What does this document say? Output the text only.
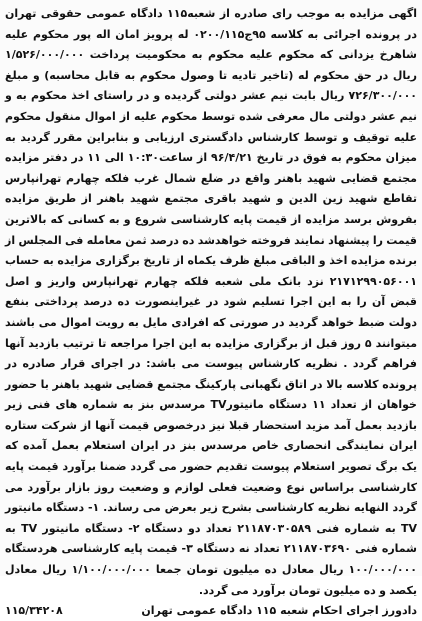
اگهی مزایده به موجب رای صادره از شعبه۱۱۵ دادگاه عمومی حقوقی تهران در پرونده اجرائی به کلاسه ۹۵ج۰۲۰۰/۱۱۵ له پرویز امان اله پور محکوم علیه شاهرخ یزدانی که محکوم علیه محکوم به محکومیت پرداخت ۱/۵۲۶/۰۰۰/۰۰۰ ریال در حق محکوم له (تاخیر تادیه تا وصول محکوم به قابل محاسبه) و مبلغ ۷۲۶/۳۰۰/۰۰۰ ریال بابت نیم عشر دولتی گردیده و در راستای اخذ محکوم به و نیم عشر دولتی مال معرفی شده توسط محکوم علیه از اموال منقول محکوم علیه توقیف و توسط کارشناس دادگستری ارزیابی و بنابراین مقرر گردید به میزان محکوم به فوق در تاریخ ۹۶/۴/۲۱ از ساعت۱۰:۳۰ الی ۱۱ در دفتر مزایده مجتمع قضایی شهید باهنر واقع در ضلع شمال غرب فلکه چهارم تهرانپارس تقاطع شهید زین الدین و شهید باقری مجتمع شهید باهنر از طریق مزایده بفروش برسد مزایده از قیمت پایه کارشناسی شروع و به کسانی که بالاترین قیمت را پیشنهاد نمایند فروخته خواهدشد ده درصد ثمن معامله فی المجلس از برنده مزایده اخذ و الباقی مبلغ ظرف یکماه از تاریخ برگزاری مزایده به حساب ۲۱۷۱۲۹۹۰۵۶۰۰۱ نزد بانک ملی شعبه فلکه چهارم تهرانپارس واریز و اصل قبض آن را به این اجرا تسلیم شود در غیراینصورت ده درصد پرداختی بنفع دولت ضبط خواهد گردید در صورتی که افرادی مایل به رویت اموال می باشند میتوانند ۵ روز قبل از برگزاری مزایده به این اجرا مراجعه تا ترتیب بازدید آنها فراهم گردد . نظریه کارشناس پیوست می باشد: در اجرای قرار صادره در پرونده کلاسه بالا در اتاق نگهبانی پارکینگ مجتمع قضایی شهید باهنر با حضور خواهان از تعداد ۱۱ دستگاه مانیتورTV مرسدس بنز به شماره های فنی زیر بازدید بعمل آمد مزید استحضار قبلا نیز درخصوص قیمت آنها از شرکت ستاره ایران نمایندگی انحصاری خاص مرسدس بنز در ایران استعلام بعمل آمده که یک برگ تصویر استعلام پیوست تقدیم حضور می گردد ضمنا برآورد قیمت پایه کارشناسی براساس نوع وضعیت فعلی لوازم و وضعیت روز بازار برآورد می گردد النهایه نظریه کارشناسی بشرح زیر بعرض می رساند. ۱- دستگاه مانیتور TV به شماره فنی ۲۱۱۸۷۰۳۰۵۸۹ تعداد دو دستگاه ۲- دستگاه مانیتور TV به شماره فنی ۲۱۱۸۷۰۳۶۹۰ تعداد نه دستگاه ۳- قیمت پایه کارشناسی هردستگاه ۱۰۰/۰۰۰/۰۰۰ ریال معادل ده میلیون تومان جمعا ۱/۱۰۰/۰۰۰/۰۰۰ ریال معادل یکصد و ده میلیون تومان برآورد می گردد.

دادورز اجرای احکام شعبه ۱۱۵ دادگاه عمومی تهران
۱۱۵/۳۴۲۰۸
